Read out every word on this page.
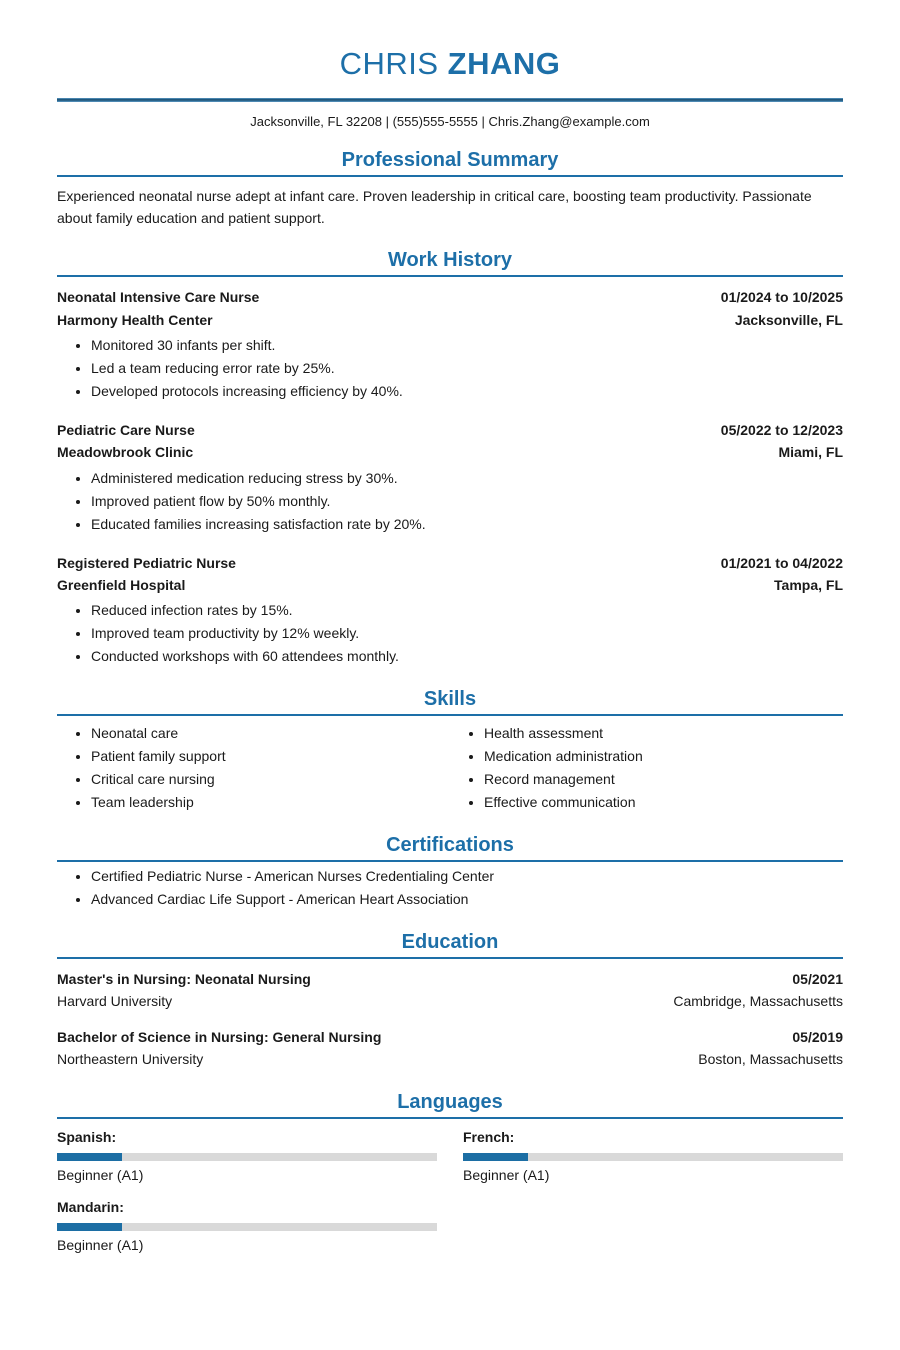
CHRIS ZHANG
Jacksonville, FL 32208 | (555)555-5555 | Chris.Zhang@example.com
Professional Summary

Experienced neonatal nurse adept at infant care. Proven leadership in critical care, boosting team productivity. Passionate about family education and patient support.

Work History
Neonatal Intensive Care Nurse	01/2024 to 10/2025
Harmony Health Center	Jacksonville, FL
• Monitored 30 infants per shift.
• Led a team reducing error rate by 25%.
• Developed protocols increasing efficiency by 40%.
Pediatric Care Nurse	05/2022 to 12/2023
Meadowbrook Clinic	Miami, FL
• Administered medication reducing stress by 30%.
• Improved patient flow by 50% monthly.
• Educated families increasing satisfaction rate by 20%.
Registered Pediatric Nurse	01/2021 to 04/2022
Greenfield Hospital	Tampa, FL
• Reduced infection rates by 15%.
• Improved team productivity by 12% weekly.
• Conducted workshops with 60 attendees monthly.
Skills
• Neonatal care
• Patient family support
• Critical care nursing
• Team leadership
• Health assessment
• Medication administration
• Record management
• Effective communication
Certifications
• Certified Pediatric Nurse - American Nurses Credentialing Center
• Advanced Cardiac Life Support - American Heart Association
Education
Master's in Nursing: Neonatal Nursing	05/2021
Harvard University	Cambridge, Massachusetts
Bachelor of Science in Nursing: General Nursing	05/2019
Northeastern University	Boston, Massachusetts
Languages
Spanish:
Beginner (A1)
French:
Beginner (A1)
Mandarin:
Beginner (A1)
